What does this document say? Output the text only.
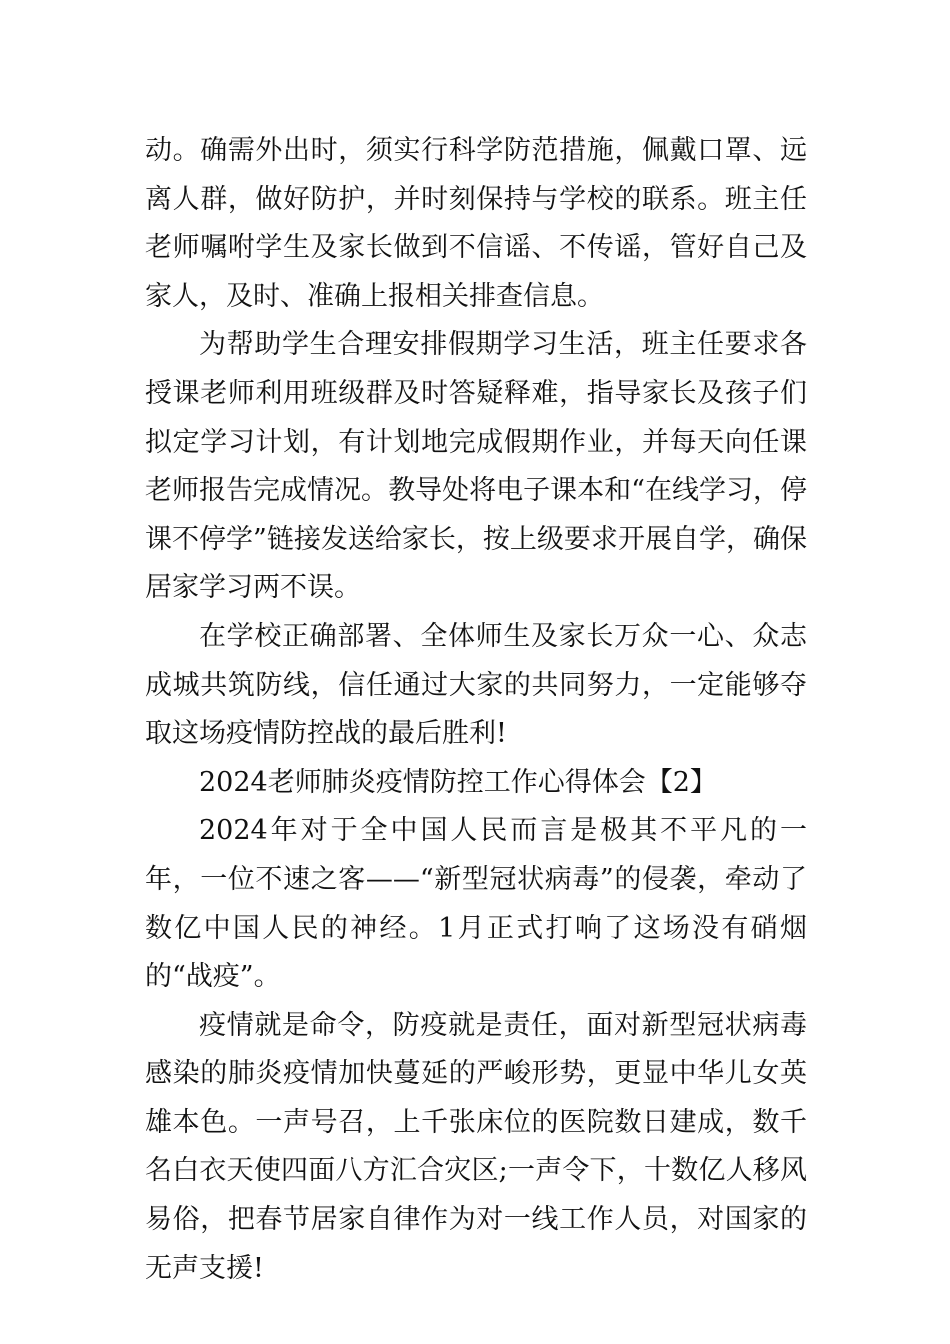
动。确需外出时，须实行科学防范措施，佩戴口罩、远离人群，做好防护，并时刻保持与学校的联系。班主任老师嘱咐学生及家长做到不信谣、不传谣，管好自己及家人，及时、准确上报相关排查信息。

为帮助学生合理安排假期学习生活，班主任要求各授课老师利用班级群及时答疑释难，指导家长及孩子们拟定学习计划，有计划地完成假期作业，并每天向任课老师报告完成情况。教导处将电子课本和“在线学习，停课不停学”链接发送给家长，按上级要求开展自学，确保居家学习两不误。

在学校正确部署、全体师生及家长万众一心、众志成城共筑防线，信任通过大家的共同努力，一定能够夺取这场疫情防控战的最后胜利!

2024老师肺炎疫情防控工作心得体会【2】

2024年对于全中国人民而言是极其不平凡的一年，一位不速之客——“新型冠状病毒”的侵袭，牵动了数亿中国人民的神经。1月正式打响了这场没有硝烟的“战疫”。

疫情就是命令，防疫就是责任，面对新型冠状病毒感染的肺炎疫情加快蔓延的严峻形势，更显中华儿女英雄本色。一声号召，上千张床位的医院数日建成，数千名白衣天使四面八方汇合灾区;一声令下，十数亿人移风易俗，把春节居家自律作为对一线工作人员，对国家的无声支援!
